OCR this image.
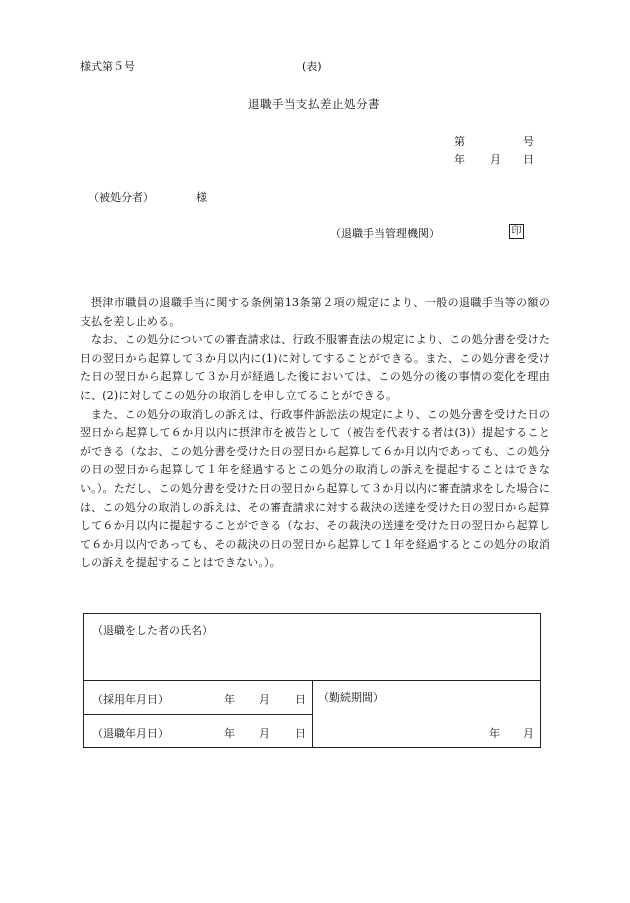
様式第５号	(表)
退職手当支払差止処分書
第	号
年 月 日
（被処分者）	様
（退職手当管理機関）	印

摂津市職員の退職手当に関する条例第13条第２項の規定により、一般の退職手当等の額の支払を差し止める。

なお、この処分についての審査請求は、行政不服審査法の規定により、この処分書を受けた日の翌日から起算して３か月以内に(1)に対してすることができる。また、この処分書を受けた日の翌日から起算して３か月が経過した後においては、この処分の後の事情の変化を理由に、(2)に対してこの処分の取消しを申し立てることができる。

また、この処分の取消しの訴えは、行政事件訴訟法の規定により、この処分書を受けた日の翌日から起算して６か月以内に摂津市を被告として（被告を代表する者は(3)）提起することができる（なお、この処分書を受けた日の翌日から起算して６か月以内であっても、この処分の日の翌日から起算して１年を経過するとこの処分の取消しの訴えを提起することはできない。）。ただし、この処分書を受けた日の翌日から起算して３か月以内に審査請求をした場合には、この処分の取消しの訴えは、その審査請求に対する裁決の送達を受けた日の翌日から起算して６か月以内に提起することができる（なお、その裁決の送達を受けた日の翌日から起算して６か月以内であっても、その裁決の日の翌日から起算して１年を経過するとこの処分の取消しの訴えを提起することはできない。）。

（退職をした者の氏名）
（採用年月日）	年 月 日
（退職年月日）	年 月 日
（勤続期間）
年 月
